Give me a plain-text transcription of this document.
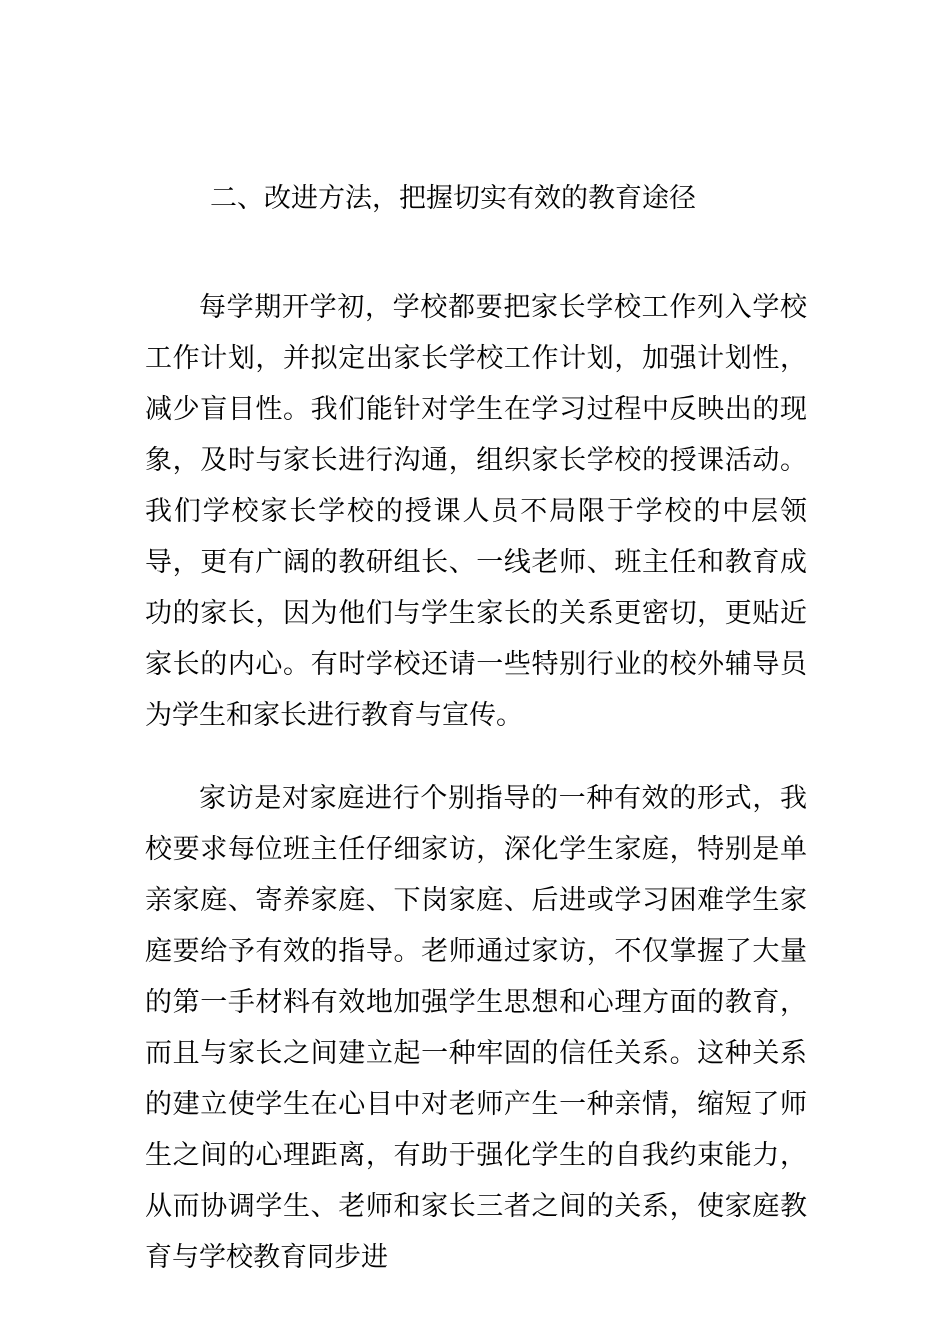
二、改进方法，把握切实有效的教育途径

每学期开学初，学校都要把家长学校工作列入学校工作计划，并拟定出家长学校工作计划，加强计划性，减少盲目性。我们能针对学生在学习过程中反映出的现象，及时与家长进行沟通，组织家长学校的授课活动。我们学校家长学校的授课人员不局限于学校的中层领导，更有广阔的教研组长、一线老师、班主任和教育成功的家长，因为他们与学生家长的关系更密切，更贴近家长的内心。有时学校还请一些特别行业的校外辅导员为学生和家长进行教育与宣传。

家访是对家庭进行个别指导的一种有效的形式，我校要求每位班主任仔细家访，深化学生家庭，特别是单亲家庭、寄养家庭、下岗家庭、后进或学习困难学生家庭要给予有效的指导。老师通过家访，不仅掌握了大量的第一手材料有效地加强学生思想和心理方面的教育，而且与家长之间建立起一种牢固的信任关系。这种关系的建立使学生在心目中对老师产生一种亲情，缩短了师生之间的心理距离，有助于强化学生的自我约束能力，从而协调学生、老师和家长三者之间的关系，使家庭教育与学校教育同步进
